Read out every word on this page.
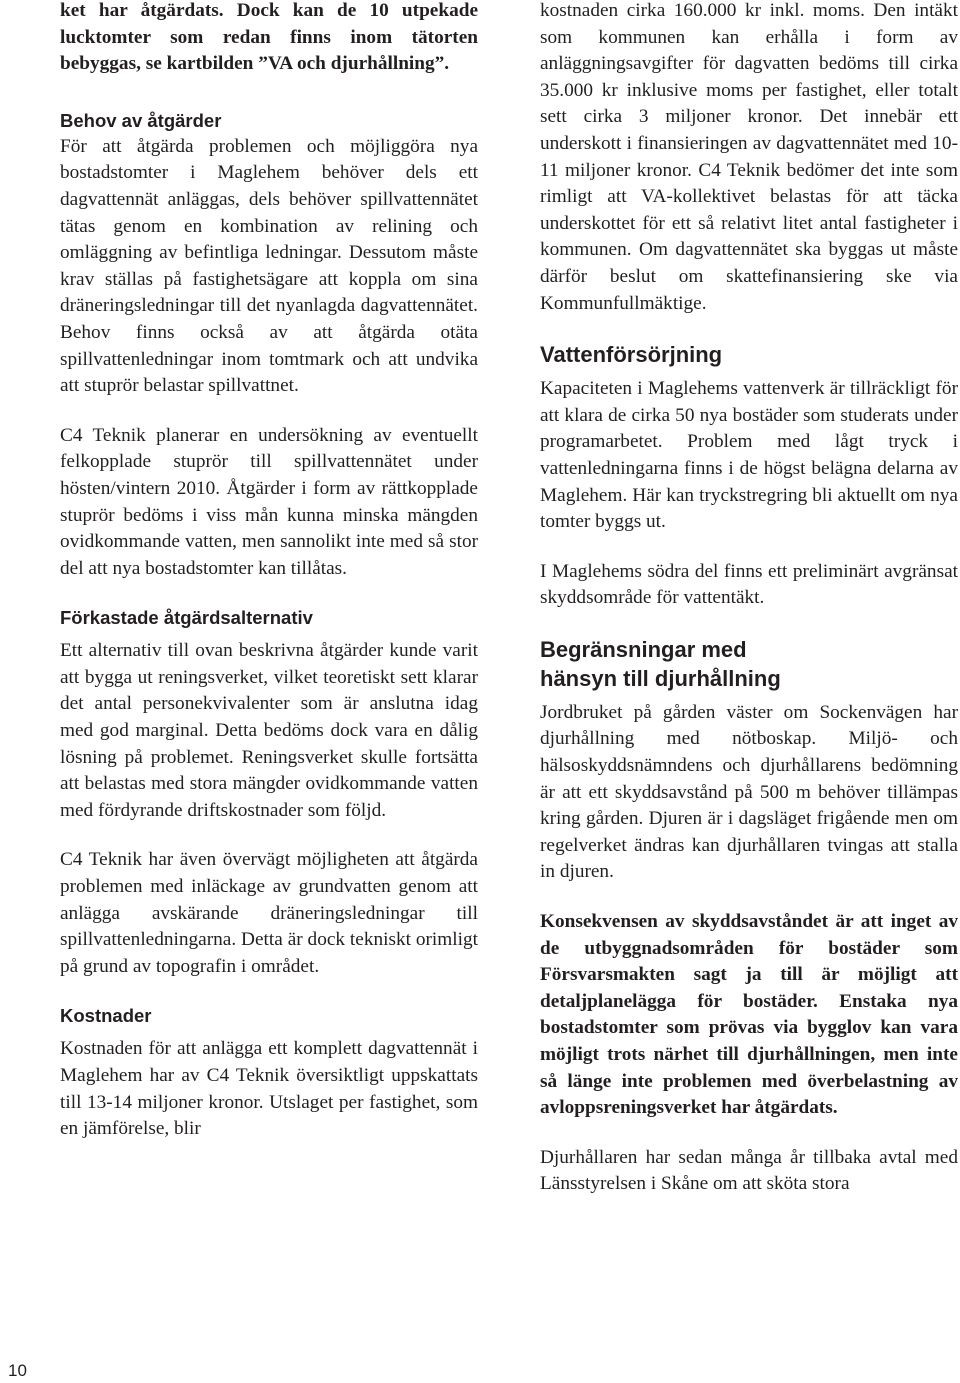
ket har åtgärdats. Dock kan de 10 utpekade lucktomter som redan finns inom tätorten bebyggas, se kartbilden ”VA och djurhållning”.

Behov av åtgärder

För att åtgärda problemen och möjliggöra nya bostadstomter i Maglehem behöver dels ett dagvattennät anläggas, dels behöver spillvattennätet tätas genom en kombination av relining och omläggning av befintliga ledningar. Dessutom måste krav ställas på fastighetsägare att koppla om sina dräneringsledningar till det nyanlagda dagvattennätet. Behov finns också av att åtgärda otäta spillvattenledningar inom tomtmark och att undvika att stuprör belastar spillvattnet.

C4 Teknik planerar en undersökning av eventuellt felkopplade stuprör till spillvattennätet under hösten/vintern 2010. Åtgärder i form av rättkopplade stuprör bedöms i viss mån kunna minska mängden ovidkommande vatten, men sannolikt inte med så stor del att nya bostadstomter kan tillåtas.

Förkastade åtgärdsalternativ

Ett alternativ till ovan beskrivna åtgärder kunde varit att bygga ut reningsverket, vilket teoretiskt sett klarar det antal personekvivalenter som är anslutna idag med god marginal. Detta bedöms dock vara en dålig lösning på problemet. Reningsverket skulle fortsätta att belastas med stora mängder ovidkommande vatten med fördyrande driftskostnader som följd.

C4 Teknik har även övervägt möjligheten att åtgärda problemen med inläckage av grundvatten genom att anlägga avskärande dräneringsledningar till spillvattenledningarna. Detta är dock tekniskt orimligt på grund av topografin i området.

Kostnader

Kostnaden för att anlägga ett komplett dagvattennät i Maglehem har av C4 Teknik översiktligt uppskattats till 13-14 miljoner kronor. Utslaget per fastighet, som en jämförelse, blir

kostnaden cirka 160.000 kr inkl. moms. Den intäkt som kommunen kan erhålla i form av anläggningsavgifter för dagvatten bedöms till cirka 35.000 kr inklusive moms per fastighet, eller totalt sett cirka 3 miljoner kronor. Det innebär ett underskott i finansieringen av dagvattennätet med 10-11 miljoner kronor. C4 Teknik bedömer det inte som rimligt att VA-kollektivet belastas för att täcka underskottet för ett så relativt litet antal fastigheter i kommunen. Om dagvattennätet ska byggas ut måste därför beslut om skattefinansiering ske via Kommunfullmäktige.

Vattenförsörjning

Kapaciteten i Maglehems vattenverk är tillräckligt för att klara de cirka 50 nya bostäder som studerats under programarbetet. Problem med lågt tryck i vattenledningarna finns i de högst belägna delarna av Maglehem. Här kan tryckstregring bli aktuellt om nya tomter byggs ut.

I Maglehems södra del finns ett preliminärt avgränsat skyddsområde för vattentäkt.

Begränsningar med
hänsyn till djurhållning

Jordbruket på gården väster om Sockenvägen har djurhållning med nötboskap. Miljö- och hälsoskyddsnämndens och djurhållarens bedömning är att ett skyddsavstånd på 500 m behöver tillämpas kring gården. Djuren är i dagsläget frigående men om regelverket ändras kan djurhållaren tvingas att stalla in djuren.

Konsekvensen av skyddsavståndet är att inget av de utbyggnadsområden för bostäder som Försvarsmakten sagt ja till är möjligt att detaljplanelägga för bostäder. Enstaka nya bostadstomter som prövas via bygglov kan vara möjligt trots närhet till djurhållningen, men inte så länge inte problemen med överbelastning av avloppsreningsverket har åtgärdats.

Djurhållaren har sedan många år tillbaka avtal med Länsstyrelsen i Skåne om att sköta stora

10
